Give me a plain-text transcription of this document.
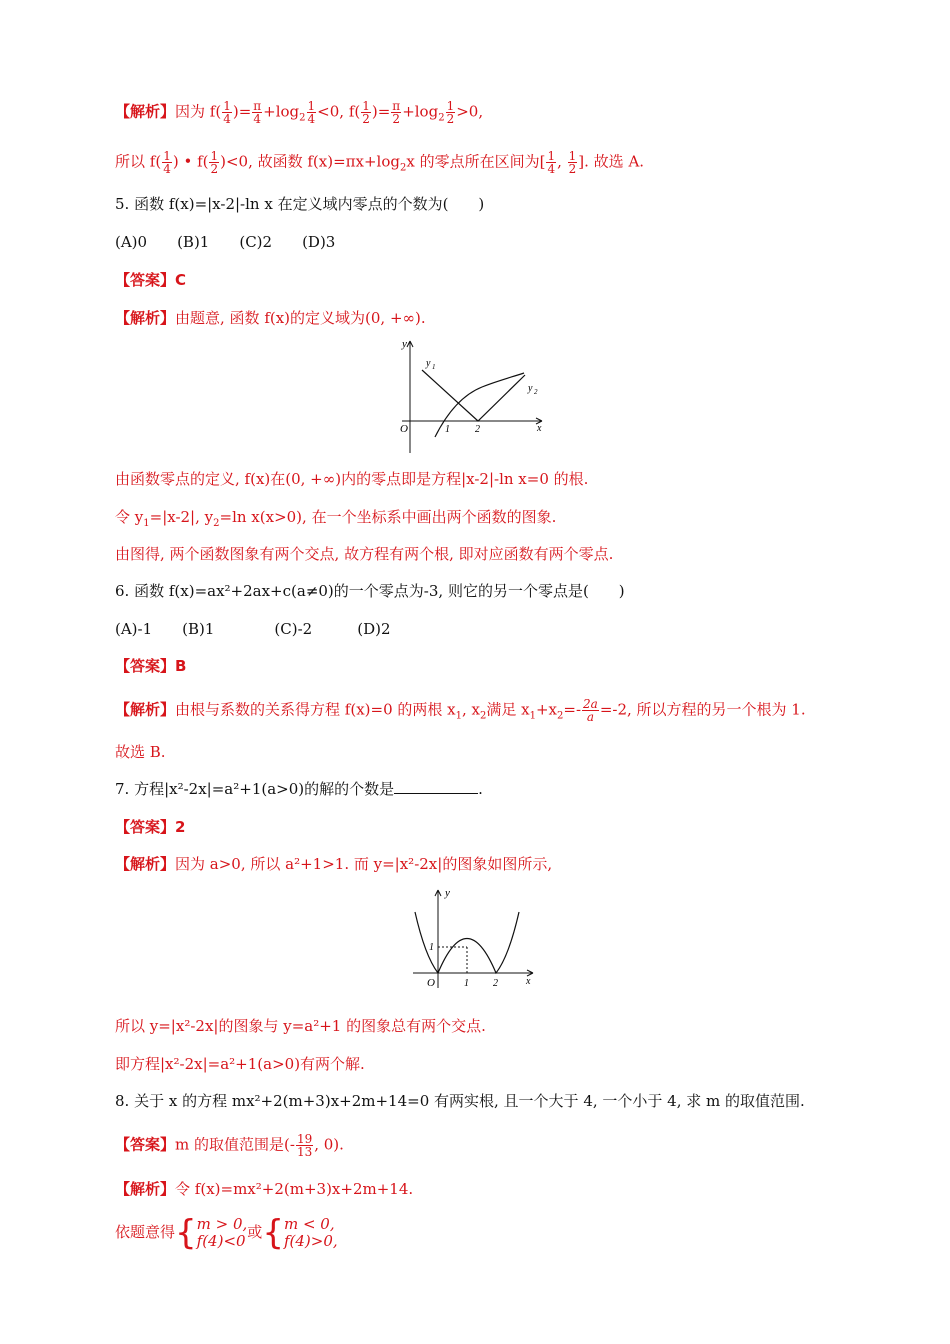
【解析】因为 $f( \frac{1}{4}$ )= $\frac{\pi}{4} +\log_2 \frac{1}{4} <0$, $f( \frac{1}{2}$ )= $\frac{\pi}{2} +\log_2 \frac{1}{2} >0$,
所以 $f( \frac{1}{4}$ ) • $f( \frac{1}{2} )<0$, 故函数 $f(x)=\pi x+\log_2x$ 的零点所在区间为[ $\frac{1}{4}$ , $\frac{1}{2}$ ]. 故选 A.
5. 函数 f(x)=|x-2|-ln x 在定义域内零点的个数为(　　)
(A)0　　(B)1　　(C)2　　(D)3
【答案】C
【解析】由题意, 函数 f(x)的定义域为(0, +∞).
y
x
O	1	2
y 1
y 2
由函数零点的定义, f(x)在(0, +∞)内的零点即是方程|x-2|-ln x=0 的根.
令 $y_1=|x-2|$, $y_2=\ln$ x(x>0), 在一个坐标系中画出两个函数的图象.
由图得, 两个函数图象有两个交点, 故方程有两个根, 即对应函数有两个零点.
6. 函数 f(x)=ax²+2ax+c(a≠0)的一个零点为-3, 则它的另一个零点是(　　)
(A)-1　　(B)1　　　　(C)-2　　　(D)2
【答案】B
【解析】由根与系数的关系得方程 f(x)=0 的两根 $x_1$, $x_2$满足 $x_1+x_2=- \frac{2a}{a} =-2$, 所以方程的另一个根为 1.
故选 B.
7. 方程|x²-2x|=a²+1(a>0)的解的个数是	.
【答案】2
【解析】因为 a>0, 所以 a²+1>1. 而 y=|x²-2x|的图象如图所示,
y
x
O	1 2
1
所以 y=|x²-2x|的图象与 y=a²+1 的图象总有两个交点.
即方程|x²-2x|=a²+1(a>0)有两个解.
8. 关于 x 的方程 mx²+2(m+3)x+2m+14=0 有两实根, 且一个大于 4, 一个小于 4, 求 m 的取值范围.
【答案】m 的取值范围是(- $\frac{19}{13}$ , 0).
【解析】令 f(x)=mx²+2(m+3)x+2m+14.
依题意得{ m > 0,
f(4)<0 或{ m < 0,
f(4)>0,
